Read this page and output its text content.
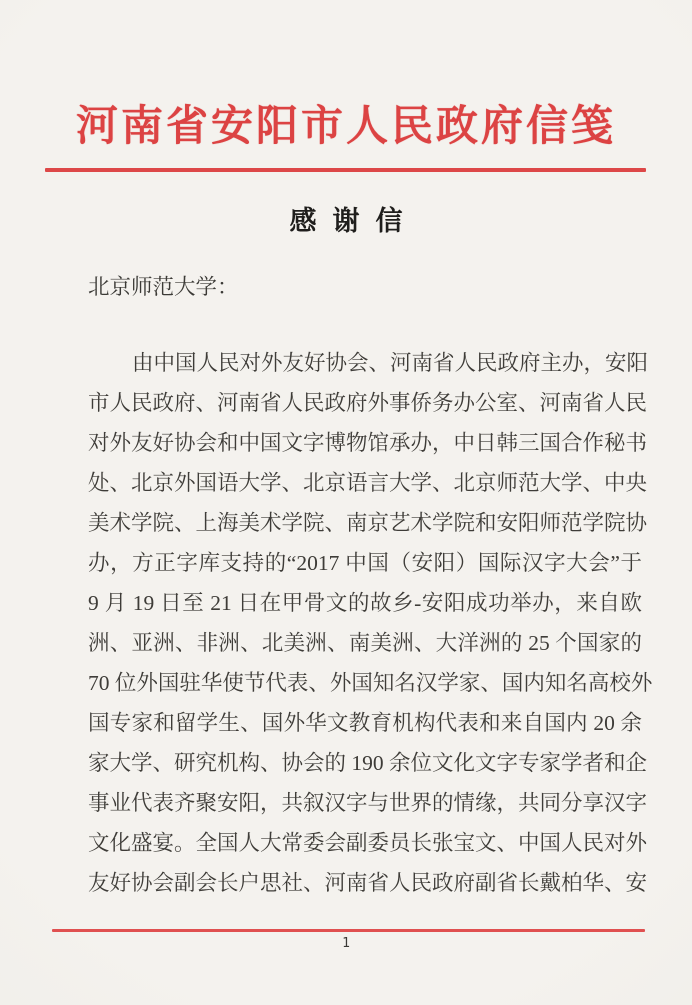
河南省安阳市人民政府信笺
感谢信
北京师范大学：
由中国人民对外友好协会、河南省人民政府主办，安阳
市人民政府、河南省人民政府外事侨务办公室、河南省人民
对外友好协会和中国文字博物馆承办，中日韩三国合作秘书
处、北京外国语大学、北京语言大学、北京师范大学、中央
美术学院、上海美术学院、南京艺术学院和安阳师范学院协
办，方正字库支持的“2017 中国（安阳）国际汉字大会”于
9 月 19 日至 21 日在甲骨文的故乡-安阳成功举办，来自欧
洲、亚洲、非洲、北美洲、南美洲、大洋洲的 25 个国家的
70 位外国驻华使节代表、外国知名汉学家、国内知名高校外
国专家和留学生、国外华文教育机构代表和来自国内 20 余
家大学、研究机构、协会的 190 余位文化文字专家学者和企
事业代表齐聚安阳，共叙汉字与世界的情缘，共同分享汉字
文化盛宴。全国人大常委会副委员长张宝文、中国人民对外
友好协会副会长户思社、河南省人民政府副省长戴柏华、安
1
